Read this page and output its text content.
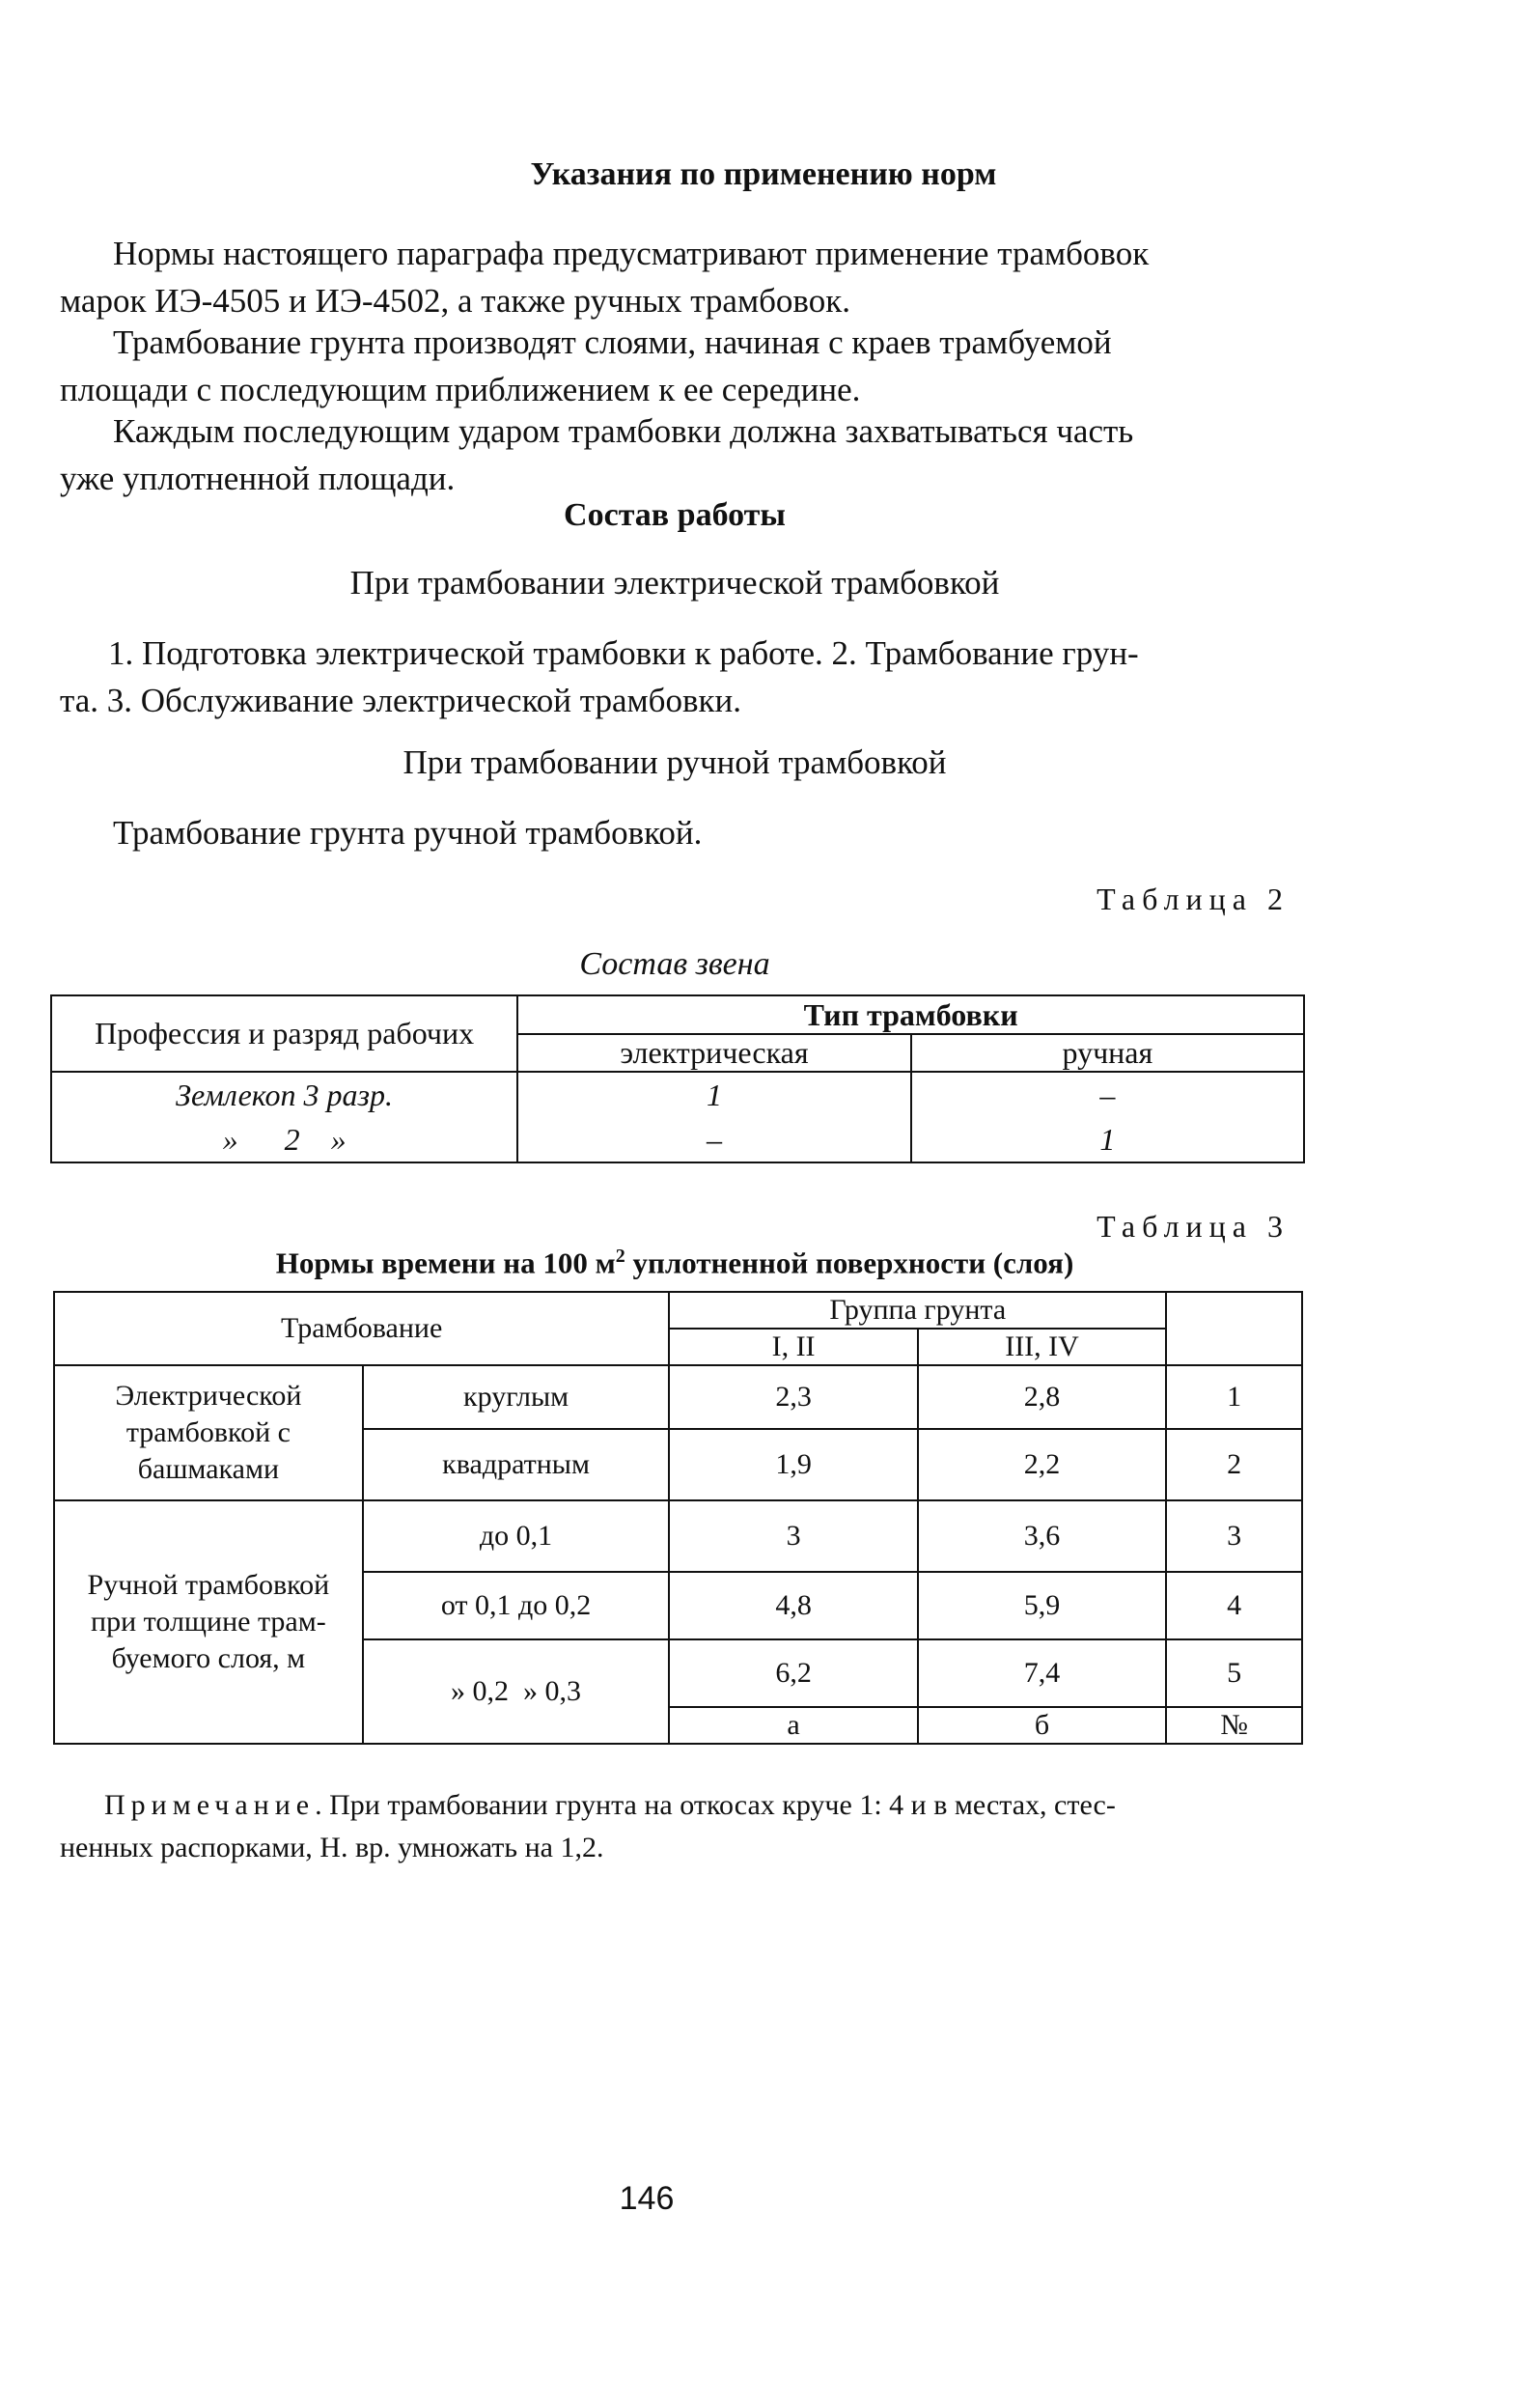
Указания по применению норм
Нормы настоящего параграфа предусматривают применение трамбовок
марок ИЭ-4505 и ИЭ-4502, а также ручных трамбовок.
Трамбование грунта производят слоями, начиная с краев трамбуемой
площади с последующим приближением к ее середине.
Каждым последующим ударом трамбовки должна захватываться часть
уже уплотненной площади.
Состав работы
При трамбовании электрической трамбовкой
1. Подготовка электрической трамбовки к работе. 2. Трамбование грун-
та. 3. Обслуживание электрической трамбовки.
При трамбовании ручной трамбовкой
Трамбование грунта ручной трамбовкой.
Таблица 2
Состав звена
Профессия и разряд рабочих	Тип трамбовки	
	электрическая	ручная
Землекоп 3 разр.	1	–
»      2    »	–	1
Таблица 3
Нормы времени на 100 $м^2$ уплотненной поверхности (слоя)
Трамбование		Группа грунта		
		I, II	III, IV	
Электрической трамбовкой с башмаками	круглым	2,3	2,8	1
	квадратным	1,9	2,2	2
Ручной трамбовкой при толщине трам-буемого слоя, м	до 0,1	3	3,6	3
	от 0,1 до 0,2	4,8	5,9	4
	» 0,2  » 0,3	6,2	7,4	5
		а	б	№
Примечание. При трамбовании грунта на откосах круче 1: 4 и в местах, стес-
ненных распорками, Н. вр. умножать на 1,2.
146
